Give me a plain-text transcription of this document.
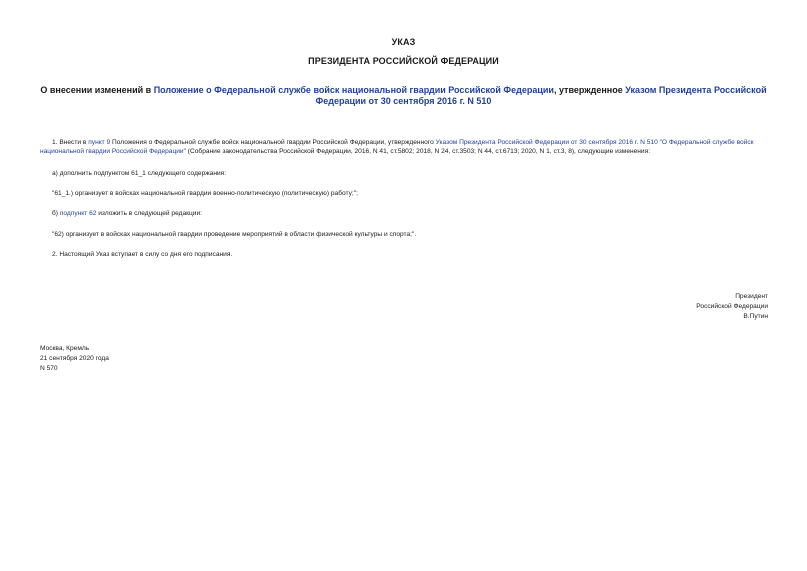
УКАЗ
ПРЕЗИДЕНТА РОССИЙСКОЙ ФЕДЕРАЦИИ
О внесении изменений в Положение о Федеральной службе войск национальной гвардии Российской Федерации, утвержденное Указом Президента Российской Федерации от 30 сентября 2016 г. N 510
1. Внести в пункт 9 Положения о Федеральной службе войск национальной гвардии Российской Федерации, утвержденного Указом Президента Российской Федерации от 30 сентября 2016 г. N 510 "О Федеральной службе войск национальной гвардии Российской Федерации" (Собрание законодательства Российской Федерации, 2016, N 41, ст.5802; 2018, N 24, ст.3503; N 44, ст.6713; 2020, N 1, ст.3, 8), следующие изменения:
а) дополнить подпунктом 61_1 следующего содержания:
"61_1.) организует в войсках национальной гвардии военно-политическую (политическую) работу;";
б) подпункт 62 изложить в следующей редакции:
"62) организует в войсках национальной гвардии проведение мероприятий в области физической культуры и спорта;".
2. Настоящий Указ вступает в силу со дня его подписания.
Президент
Российской Федерации
В.Путин
Москва, Кремль
21 сентября 2020 года
N 570
